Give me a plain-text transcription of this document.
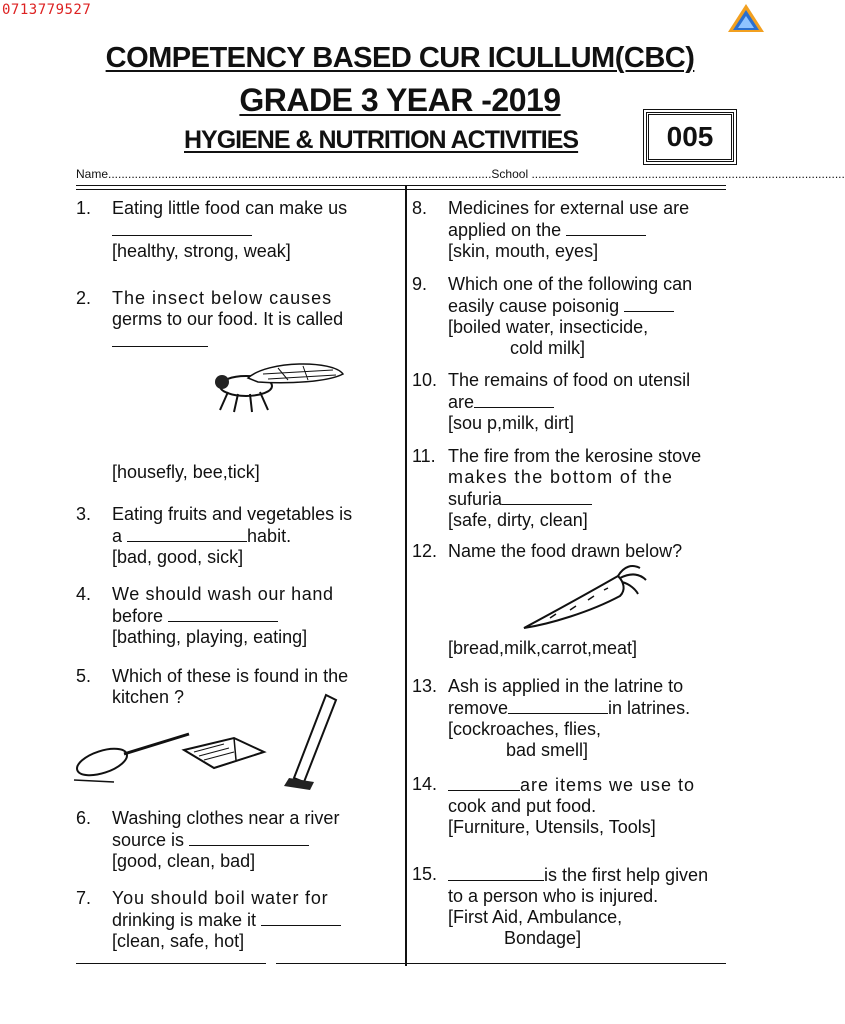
0713779527
COMPETENCY BASED CUR ICULLUM(CBC)
GRADE 3 YEAR -2019
HYGIENE & NUTRITION ACTIVITIES	005
Name...................................................................................................................School ..............................................................................................
1. Eating little food can make us
[healthy, strong, weak]
2. The insect below causes
germs to our food. It is called
[housefly, bee,tick]
3. Eating fruits and vegetables is
a	habit.
[bad, good, sick]
4. We should wash our hand
before
[bathing, playing, eating]
5. Which of these is found in the
kitchen ?
6. Washing clothes near a river
source is
[good, clean, bad]
7. You should boil water for
drinking is make it
[clean, safe, hot]
8. Medicines for external use are
applied on the
[skin, mouth, eyes]
9. Which one of the following can
easily cause poisonig
[boiled water, insecticide,
cold milk]
10. The remains of food on utensil
are
[sou p,milk, dirt]
11. The fire from the kerosine stove
makes the bottom of the
sufuria
[safe, dirty, clean]
12. Name the food drawn below?
[bread,milk,carrot,meat]
13. Ash is applied in the latrine to
remove	in latrines.
[cockroaches, flies,
bad smell]
14.	are items we use to
cook and put food.
[Furniture, Utensils, Tools]
15.	is the first help given
to a person who is injured.
[First Aid, Ambulance,
Bondage]
